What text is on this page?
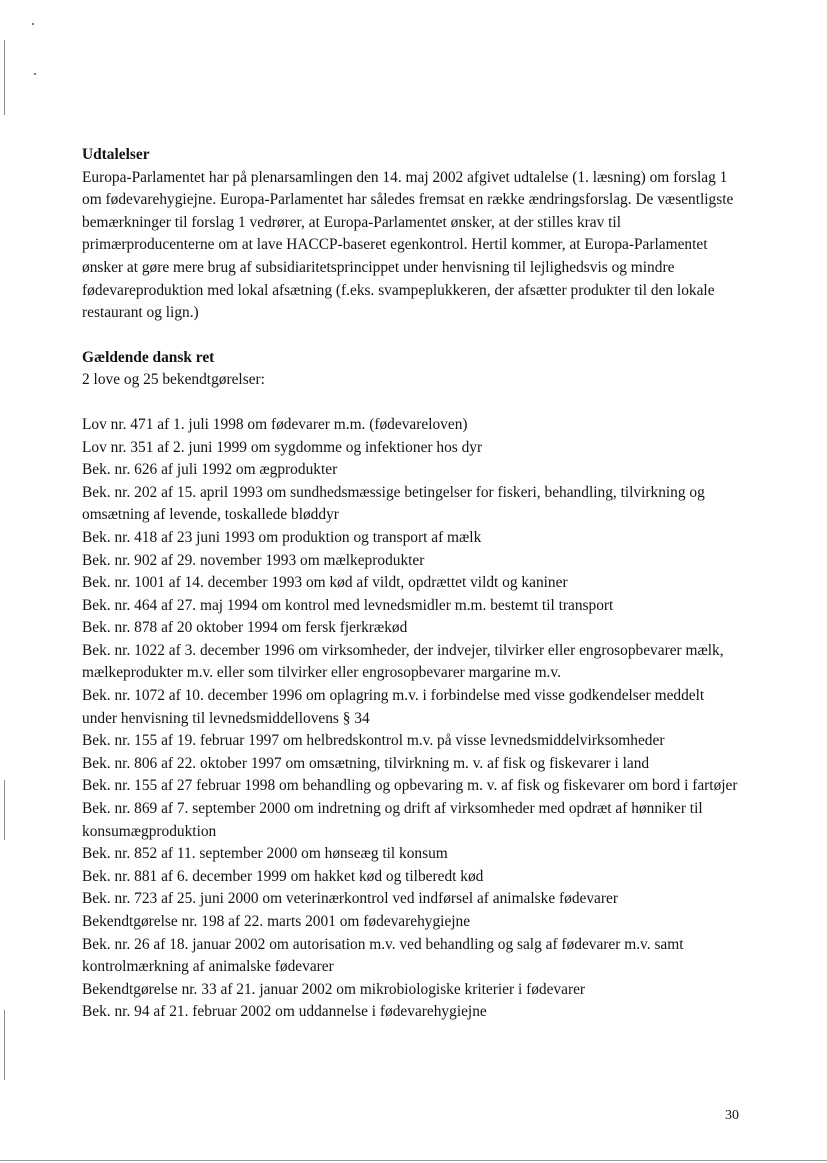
Udtalelser

Europa-Parlamentet har på plenarsamlingen den 14. maj 2002 afgivet udtalelse (1. læsning) om forslag 1 om fødevarehygiejne. Europa-Parlamentet har således fremsat en række ændringsforslag. De væsentligste bemærkninger til forslag 1 vedrører, at Europa-Parlamentet ønsker, at der stilles krav til primærproducenterne om at lave HACCP-baseret egenkontrol. Hertil kommer, at Europa-Parlamentet ønsker at gøre mere brug af subsidiaritetsprincippet under henvisning til lejlighedsvis og mindre fødevareproduktion med lokal afsætning (f.eks. svampeplukkeren, der afsætter produkter til den lokale restaurant og lign.)

Gældende dansk ret

2 love og 25 bekendtgørelser:

Lov nr. 471 af 1. juli 1998 om fødevarer m.m. (fødevareloven)

Lov nr. 351 af 2. juni 1999 om sygdomme og infektioner hos dyr

Bek. nr. 626 af juli 1992 om ægprodukter

Bek. nr. 202 af 15. april 1993 om sundhedsmæssige betingelser for fiskeri, behandling, tilvirkning og omsætning af levende, toskallede bløddyr

Bek. nr. 418 af 23 juni 1993 om produktion og transport af mælk

Bek. nr. 902 af 29. november 1993 om mælkeprodukter

Bek. nr. 1001 af 14. december 1993 om kød af vildt, opdrættet vildt og kaniner

Bek. nr. 464 af 27. maj 1994 om kontrol med levnedsmidler m.m. bestemt til transport

Bek. nr. 878 af 20 oktober 1994 om fersk fjerkrækød

Bek. nr. 1022 af 3. december 1996 om virksomheder, der indvejer, tilvirker eller engrosopbevarer mælk, mælkeprodukter m.v. eller som tilvirker eller engrosopbevarer margarine m.v.

Bek. nr. 1072 af 10. december 1996 om oplagring m.v. i forbindelse med visse godkendelser meddelt under henvisning til levnedsmiddellovens § 34

Bek. nr. 155 af 19. februar 1997 om helbredskontrol m.v. på visse levnedsmiddelvirksomheder

Bek. nr. 806 af 22. oktober 1997 om omsætning, tilvirkning m. v. af fisk og fiskevarer i land

Bek. nr. 155 af 27 februar 1998 om behandling og opbevaring m. v. af fisk og fiskevarer om bord i fartøjer

Bek. nr. 869 af 7. september 2000 om indretning og drift af virksomheder med opdræt af hønniker til konsumægproduktion

Bek. nr. 852 af 11. september 2000 om hønseæg til konsum

Bek. nr. 881 af 6. december 1999 om hakket kød og tilberedt kød

Bek. nr. 723 af 25. juni 2000 om veterinærkontrol ved indførsel af animalske fødevarer

Bekendtgørelse nr. 198 af 22. marts 2001 om fødevarehygiejne

Bek. nr. 26 af 18. januar 2002 om autorisation m.v. ved behandling og salg af fødevarer m.v. samt kontrolmærkning af animalske fødevarer

Bekendtgørelse nr. 33 af 21. januar 2002 om mikrobiologiske kriterier i fødevarer

Bek. nr. 94 af 21. februar 2002 om uddannelse i fødevarehygiejne

30
